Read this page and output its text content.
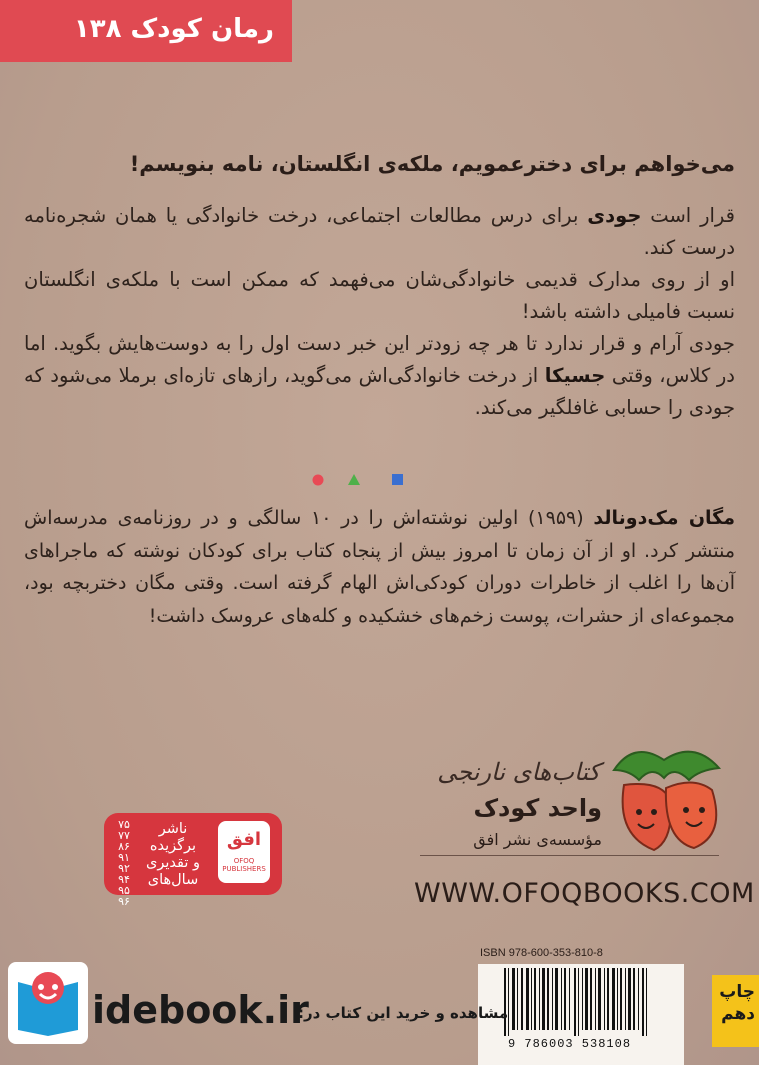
رمان کودک ۱۳۸
می‌خواهم برای دخترعمویم، ملکه‌ی انگلستان، نامه بنویسم!

قرار است جودی برای درس مطالعات اجتماعی، درخت خانوادگی یا همان شجره‌نامه درست کند.

او از روی مدارک قدیمی خانوادگی‌شان می‌فهمد که ممکن است با ملکه‌ی انگلستان نسبت فامیلی داشته باشد!

جودی آرام و قرار ندارد تا هر چه زودتر این خبر دست اول را به دوست‌هایش بگوید. اما در کلاس، وقتی جسیکا از درخت خانوادگی‌اش می‌گوید، رازهای تازه‌ای برملا می‌شود که جودی را حسابی غافلگیر می‌کند.

مگان مک‌دونالد (۱۹۵۹) اولین نوشته‌اش را در ۱۰ سالگی و در روزنامه‌ی مدرسه‌اش منتشر کرد. او از آن زمان تا امروز بیش از پنجاه کتاب برای کودکان نوشته که ماجراهای آن‌ها را اغلب از خاطرات دوران کودکی‌اش الهام گرفته است. وقتی مگان دختربچه بود، مجموعه‌ای از حشرات، پوست زخم‌های خشکیده و کله‌های عروسک داشت!

کتاب‌های نارنجی
واحد کودک
مؤسسه‌ی نشر افق
WWW.OFOQBOOKS.COM
۷۵
۷۷
۸۶
۹۱
۹۲
۹۴
۹۵
۹۶
ناشر
برگزیده
و تقدیری
سال‌های
افق
OFOQ PUBLISHERS
ISBN 978-600-353-810-8
9 786003 538108
چاپ
دهم
idebook.ir
مشاهده و خرید این کتاب در:
